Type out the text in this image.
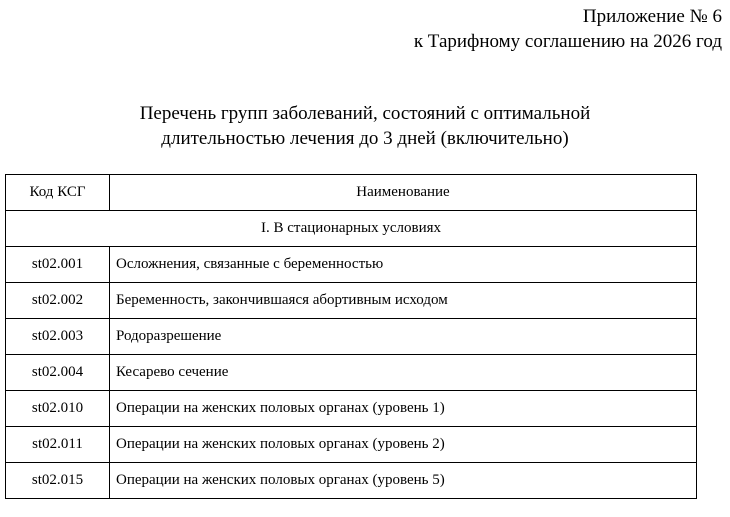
Приложение № 6
к Тарифному соглашению на 2026 год
Перечень групп заболеваний, состояний с оптимальной
длительностью лечения до 3 дней (включительно)
Код КСГ	Наименование
I. В стационарных условиях	
st02.001	Осложнения, связанные с беременностью
st02.002	Беременность, закончившаяся абортивным исходом
st02.003	Родоразрешение
st02.004	Кесарево сечение
st02.010	Операции на женских половых органах (уровень 1)
st02.011	Операции на женских половых органах (уровень 2)
st02.015	Операции на женских половых органах (уровень 5)
